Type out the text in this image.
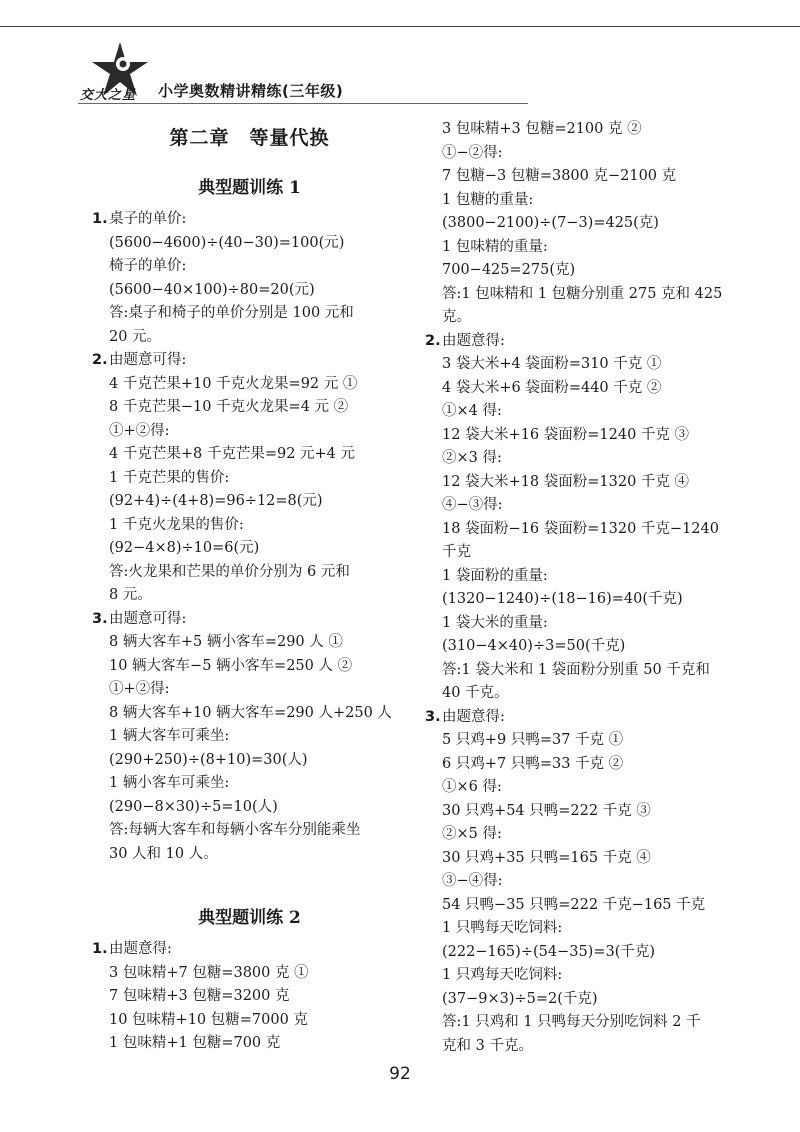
交大之星 小学奥数精讲精练(三年级)
第二章　等量代换
典型题训练 1
1.桌子的单价:
(5600−4600)÷(40−30)=100(元)
椅子的单价:
(5600−40×100)÷80=20(元)
答:桌子和椅子的单价分别是 100 元和
20 元。
2.由题意可得:
4 千克芒果+10 千克火龙果=92 元 ①
8 千克芒果−10 千克火龙果=4 元 ②
①+②得:
4 千克芒果+8 千克芒果=92 元+4 元
1 千克芒果的售价:
(92+4)÷(4+8)=96÷12=8(元)
1 千克火龙果的售价:
(92−4×8)÷10=6(元)
答:火龙果和芒果的单价分别为 6 元和
8 元。
3.由题意可得:
8 辆大客车+5 辆小客车=290 人 ①
10 辆大客车−5 辆小客车=250 人 ②
①+②得:
8 辆大客车+10 辆大客车=290 人+250 人
1 辆大客车可乘坐:
(290+250)÷(8+10)=30(人)
1 辆小客车可乘坐:
(290−8×30)÷5=10(人)
答:每辆大客车和每辆小客车分别能乘坐
30 人和 10 人。
典型题训练 2
1.由题意得:
3 包味精+7 包糖=3800 克 ①
7 包味精+3 包糖=3200 克
10 包味精+10 包糖=7000 克
1 包味精+1 包糖=700 克
3 包味精+3 包糖=2100 克 ②
①−②得:
7 包糖−3 包糖=3800 克−2100 克
1 包糖的重量:
(3800−2100)÷(7−3)=425(克)
1 包味精的重量:
700−425=275(克)
答:1 包味精和 1 包糖分别重 275 克和 425
克。
2.由题意得:
3 袋大米+4 袋面粉=310 千克 ①
4 袋大米+6 袋面粉=440 千克 ②
①×4 得:
12 袋大米+16 袋面粉=1240 千克 ③
②×3 得:
12 袋大米+18 袋面粉=1320 千克 ④
④−③得:
18 袋面粉−16 袋面粉=1320 千克−1240
千克
1 袋面粉的重量:
(1320−1240)÷(18−16)=40(千克)
1 袋大米的重量:
(310−4×40)÷3=50(千克)
答:1 袋大米和 1 袋面粉分别重 50 千克和
40 千克。
3.由题意得:
5 只鸡+9 只鸭=37 千克 ①
6 只鸡+7 只鸭=33 千克 ②
①×6 得:
30 只鸡+54 只鸭=222 千克 ③
②×5 得:
30 只鸡+35 只鸭=165 千克 ④
③−④得:
54 只鸭−35 只鸭=222 千克−165 千克
1 只鸭每天吃饲料:
(222−165)÷(54−35)=3(千克)
1 只鸡每天吃饲料:
(37−9×3)÷5=2(千克)
答:1 只鸡和 1 只鸭每天分别吃饲料 2 千
克和 3 千克。
92
